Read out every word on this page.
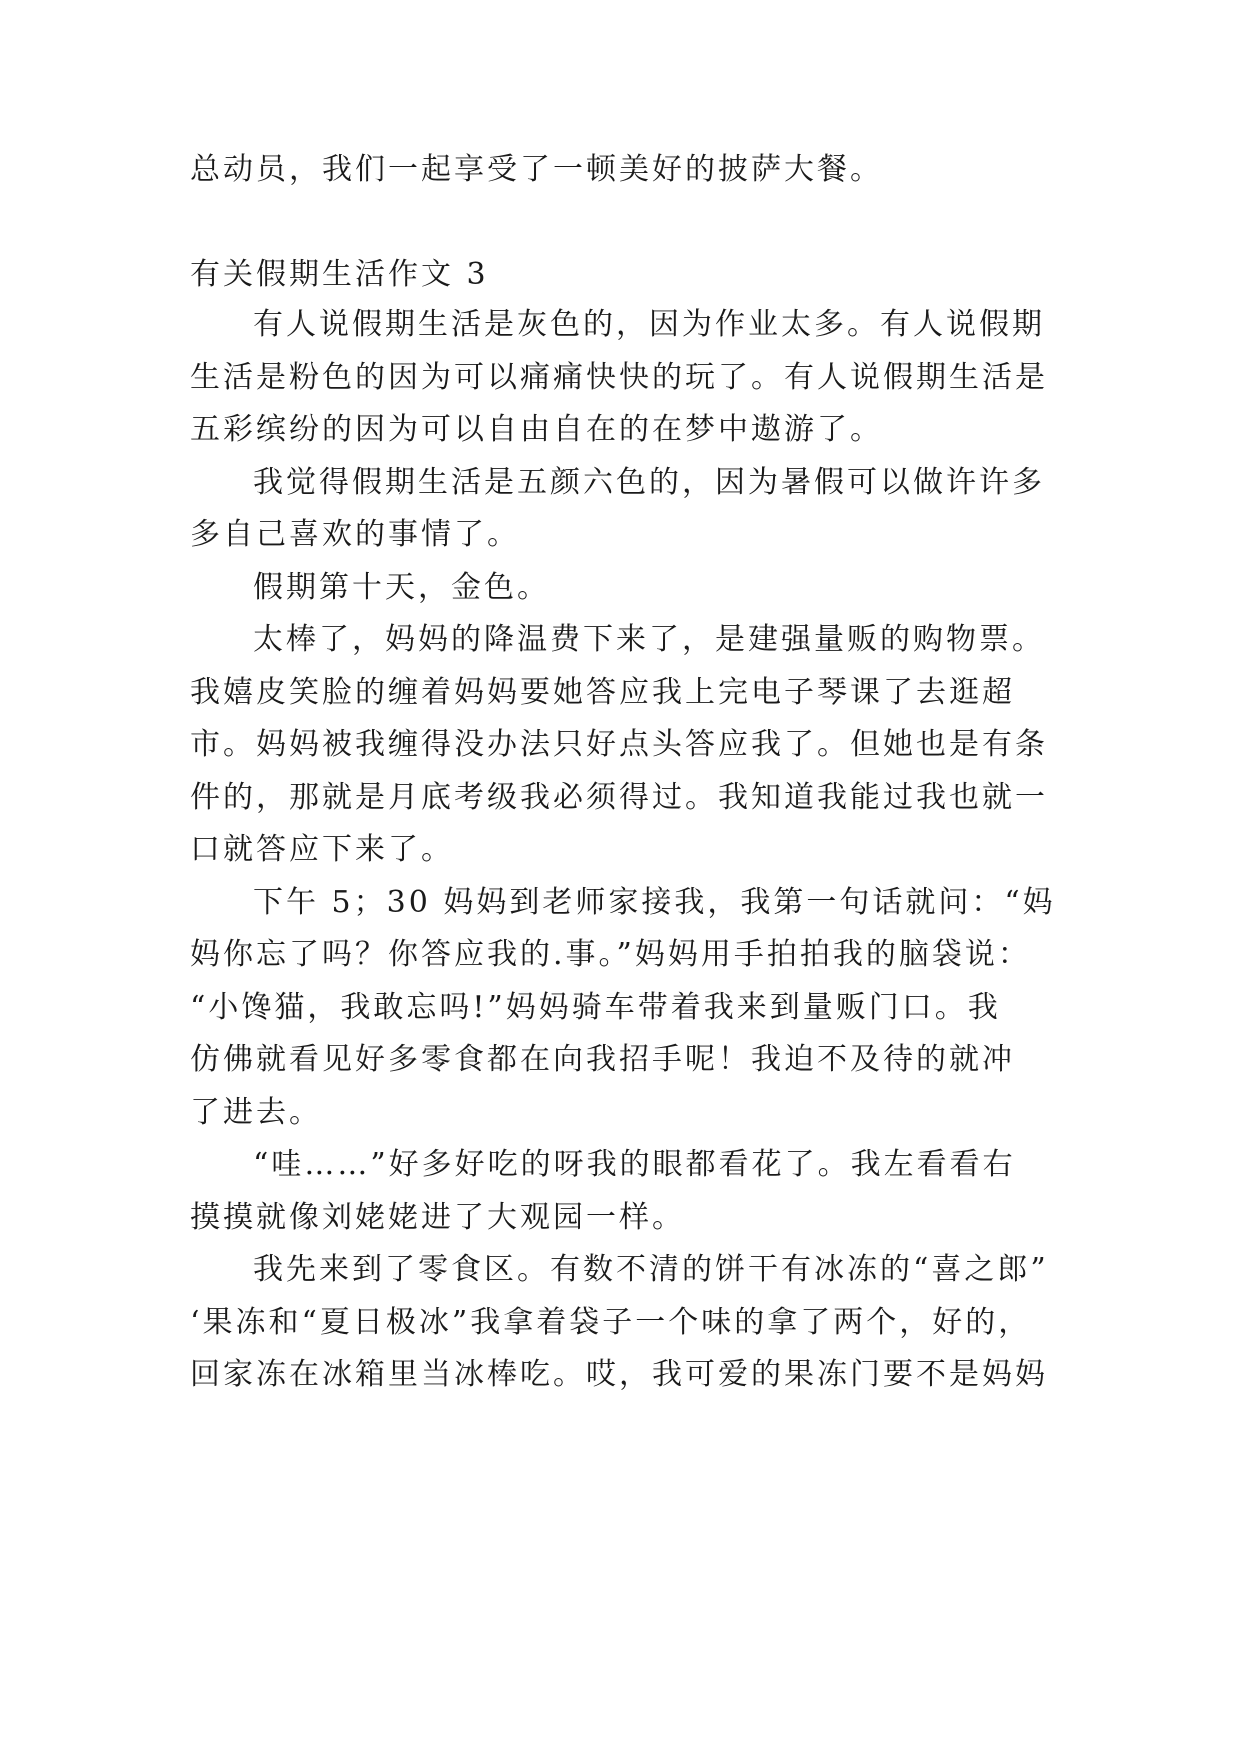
总动员，我们一起享受了一顿美好的披萨大餐。
有关假期生活作文 3
有人说假期生活是灰色的，因为作业太多。有人说假期
生活是粉色的因为可以痛痛快快的玩了。有人说假期生活是
五彩缤纷的因为可以自由自在的在梦中遨游了。
我觉得假期生活是五颜六色的，因为暑假可以做许许多
多自己喜欢的事情了。
假期第十天，金色。
太棒了，妈妈的降温费下来了，是建强量贩的购物票。
我嬉皮笑脸的缠着妈妈要她答应我上完电子琴课了去逛超
市。妈妈被我缠得没办法只好点头答应我了。但她也是有条
件的，那就是月底考级我必须得过。我知道我能过我也就一
口就答应下来了。
下午 5；30 妈妈到老师家接我，我第一句话就问：“妈
妈你忘了吗？你答应我的.事。”妈妈用手拍拍我的脑袋说：
“小馋猫，我敢忘吗!”妈妈骑车带着我来到量贩门口。我
仿佛就看见好多零食都在向我招手呢！我迫不及待的就冲
了进去。
“哇……”好多好吃的呀我的眼都看花了。我左看看右
摸摸就像刘姥姥进了大观园一样。
我先来到了零食区。有数不清的饼干有冰冻的“喜之郎”
‘果冻和“夏日极冰”我拿着袋子一个味的拿了两个，好的，
回家冻在冰箱里当冰棒吃。哎，我可爱的果冻门要不是妈妈
